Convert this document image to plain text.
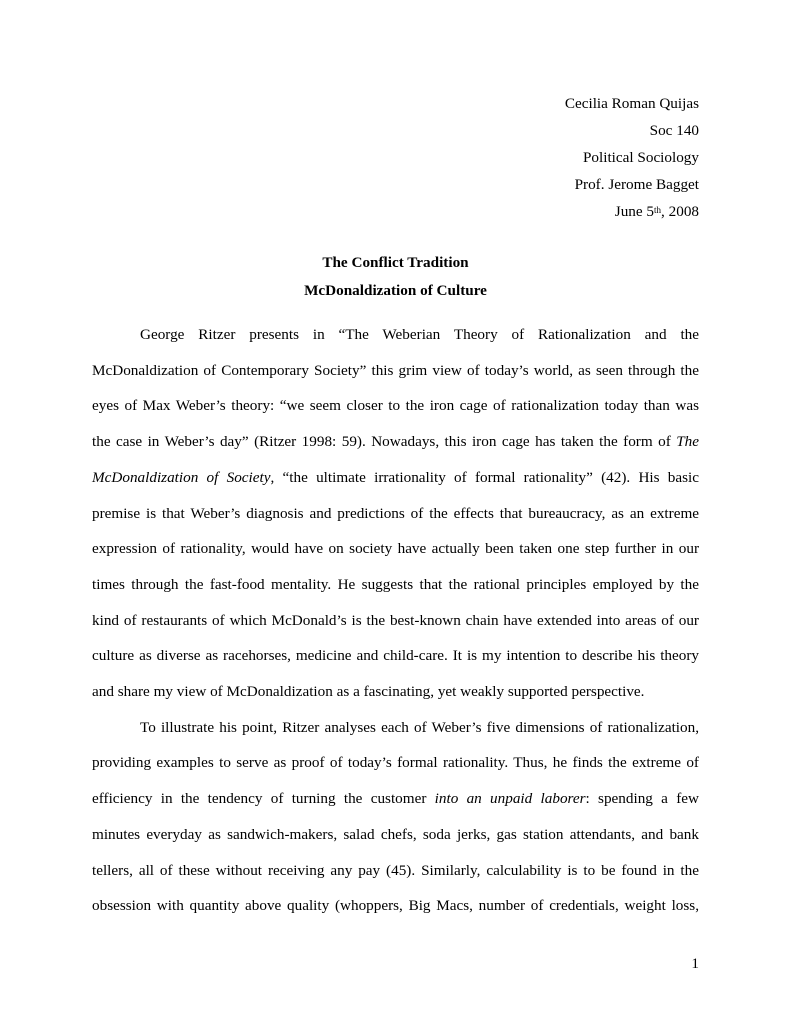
Cecilia Roman Quijas
Soc 140
Political Sociology
Prof. Jerome Bagget
June 5th, 2008
The Conflict Tradition
McDonaldization of Culture
George Ritzer presents in “The Weberian Theory of Rationalization and the
McDonaldization of Contemporary Society” this grim view of today’s world, as seen through the
eyes of Max Weber’s theory: “we seem closer to the iron cage of rationalization today than was
the case in Weber’s day” (Ritzer 1998: 59). Nowadays, this iron cage has taken the form of The
McDonaldization of Society, “the ultimate irrationality of formal rationality” (42). His basic
premise is that Weber’s diagnosis and predictions of the effects that bureaucracy, as an extreme
expression of rationality, would have on society have actually been taken one step further in our
times through the fast-food mentality. He suggests that the rational principles employed by the
kind of restaurants of which McDonald’s is the best-known chain have extended into areas of our
culture as diverse as racehorses, medicine and child-care. It is my intention to describe his theory
and share my view of McDonaldization as a fascinating, yet weakly supported perspective.
To illustrate his point, Ritzer analyses each of Weber’s five dimensions of rationalization,
providing examples to serve as proof of today’s formal rationality. Thus, he finds the extreme of
efficiency in the tendency of turning the customer into an unpaid laborer: spending a few
minutes everyday as sandwich-makers, salad chefs, soda jerks, gas station attendants, and bank
tellers, all of these without receiving any pay (45). Similarly, calculability is to be found in the
obsession with quantity above quality (whoppers, Big Macs, number of credentials, weight loss,
1
